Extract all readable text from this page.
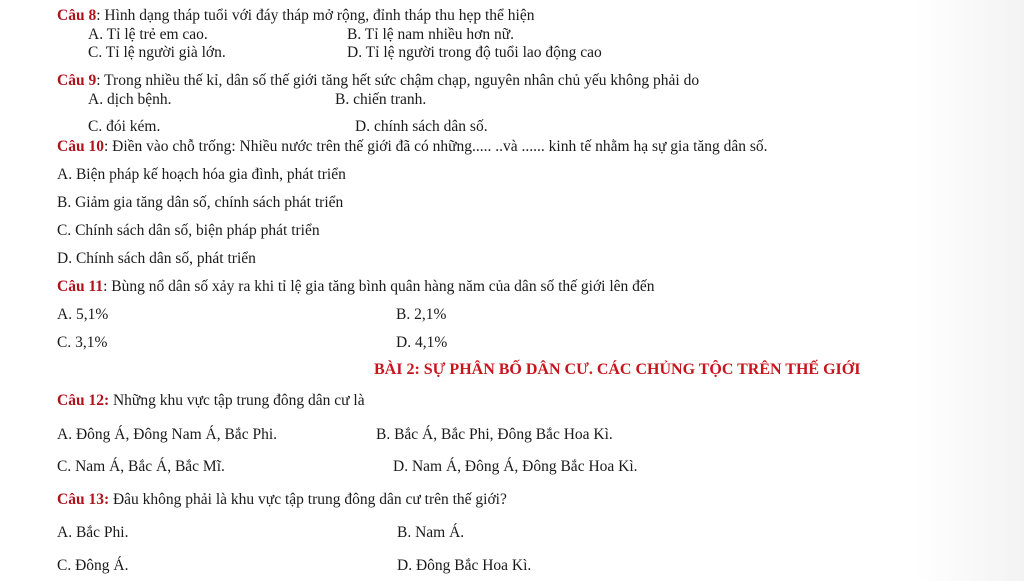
Câu 8: Hình dạng tháp tuổi với đáy tháp mở rộng, đỉnh tháp thu hẹp thể hiện
A. Tỉ lệ trẻ em cao.	B. Tỉ lệ nam nhiều hơn nữ.
C. Tỉ lệ người già lớn.	D. Tỉ lệ người trong độ tuổi lao động cao
Câu 9: Trong nhiều thế kỉ, dân số thế giới tăng hết sức chậm chạp, nguyên nhân chủ yếu không phải do
A. dịch bệnh.	B. chiến tranh.
C. đói kém.	D. chính sách dân số.
Câu 10: Điền vào chỗ trống: Nhiều nước trên thế giới đã có những..... ..và ...... kinh tế nhằm hạ sự gia tăng dân số.
A. Biện pháp kế hoạch hóa gia đình, phát triển
B. Giảm gia tăng dân số, chính sách phát triển
C. Chính sách dân số, biện pháp phát triển
D. Chính sách dân số, phát triển
Câu 11: Bùng nổ dân số xảy ra khi tỉ lệ gia tăng bình quân hàng năm của dân số thế giới lên đến
A. 5,1%	B. 2,1%
C. 3,1%	D. 4,1%
BÀI 2: SỰ PHÂN BỐ DÂN CƯ. CÁC CHỦNG TỘC TRÊN THẾ GIỚI
Câu 12: Những khu vực tập trung đông dân cư là
A. Đông Á, Đông Nam Á, Bắc Phi.	B. Bắc Á, Bắc Phi, Đông Bắc Hoa Kì.
C. Nam Á, Bắc Á, Bắc Mĩ.	D. Nam Á, Đông Á, Đông Bắc Hoa Kì.
Câu 13: Đâu không phải là khu vực tập trung đông dân cư trên thế giới?
A. Bắc Phi.	B. Nam Á.
C. Đông Á.	D. Đông Bắc Hoa Kì.
